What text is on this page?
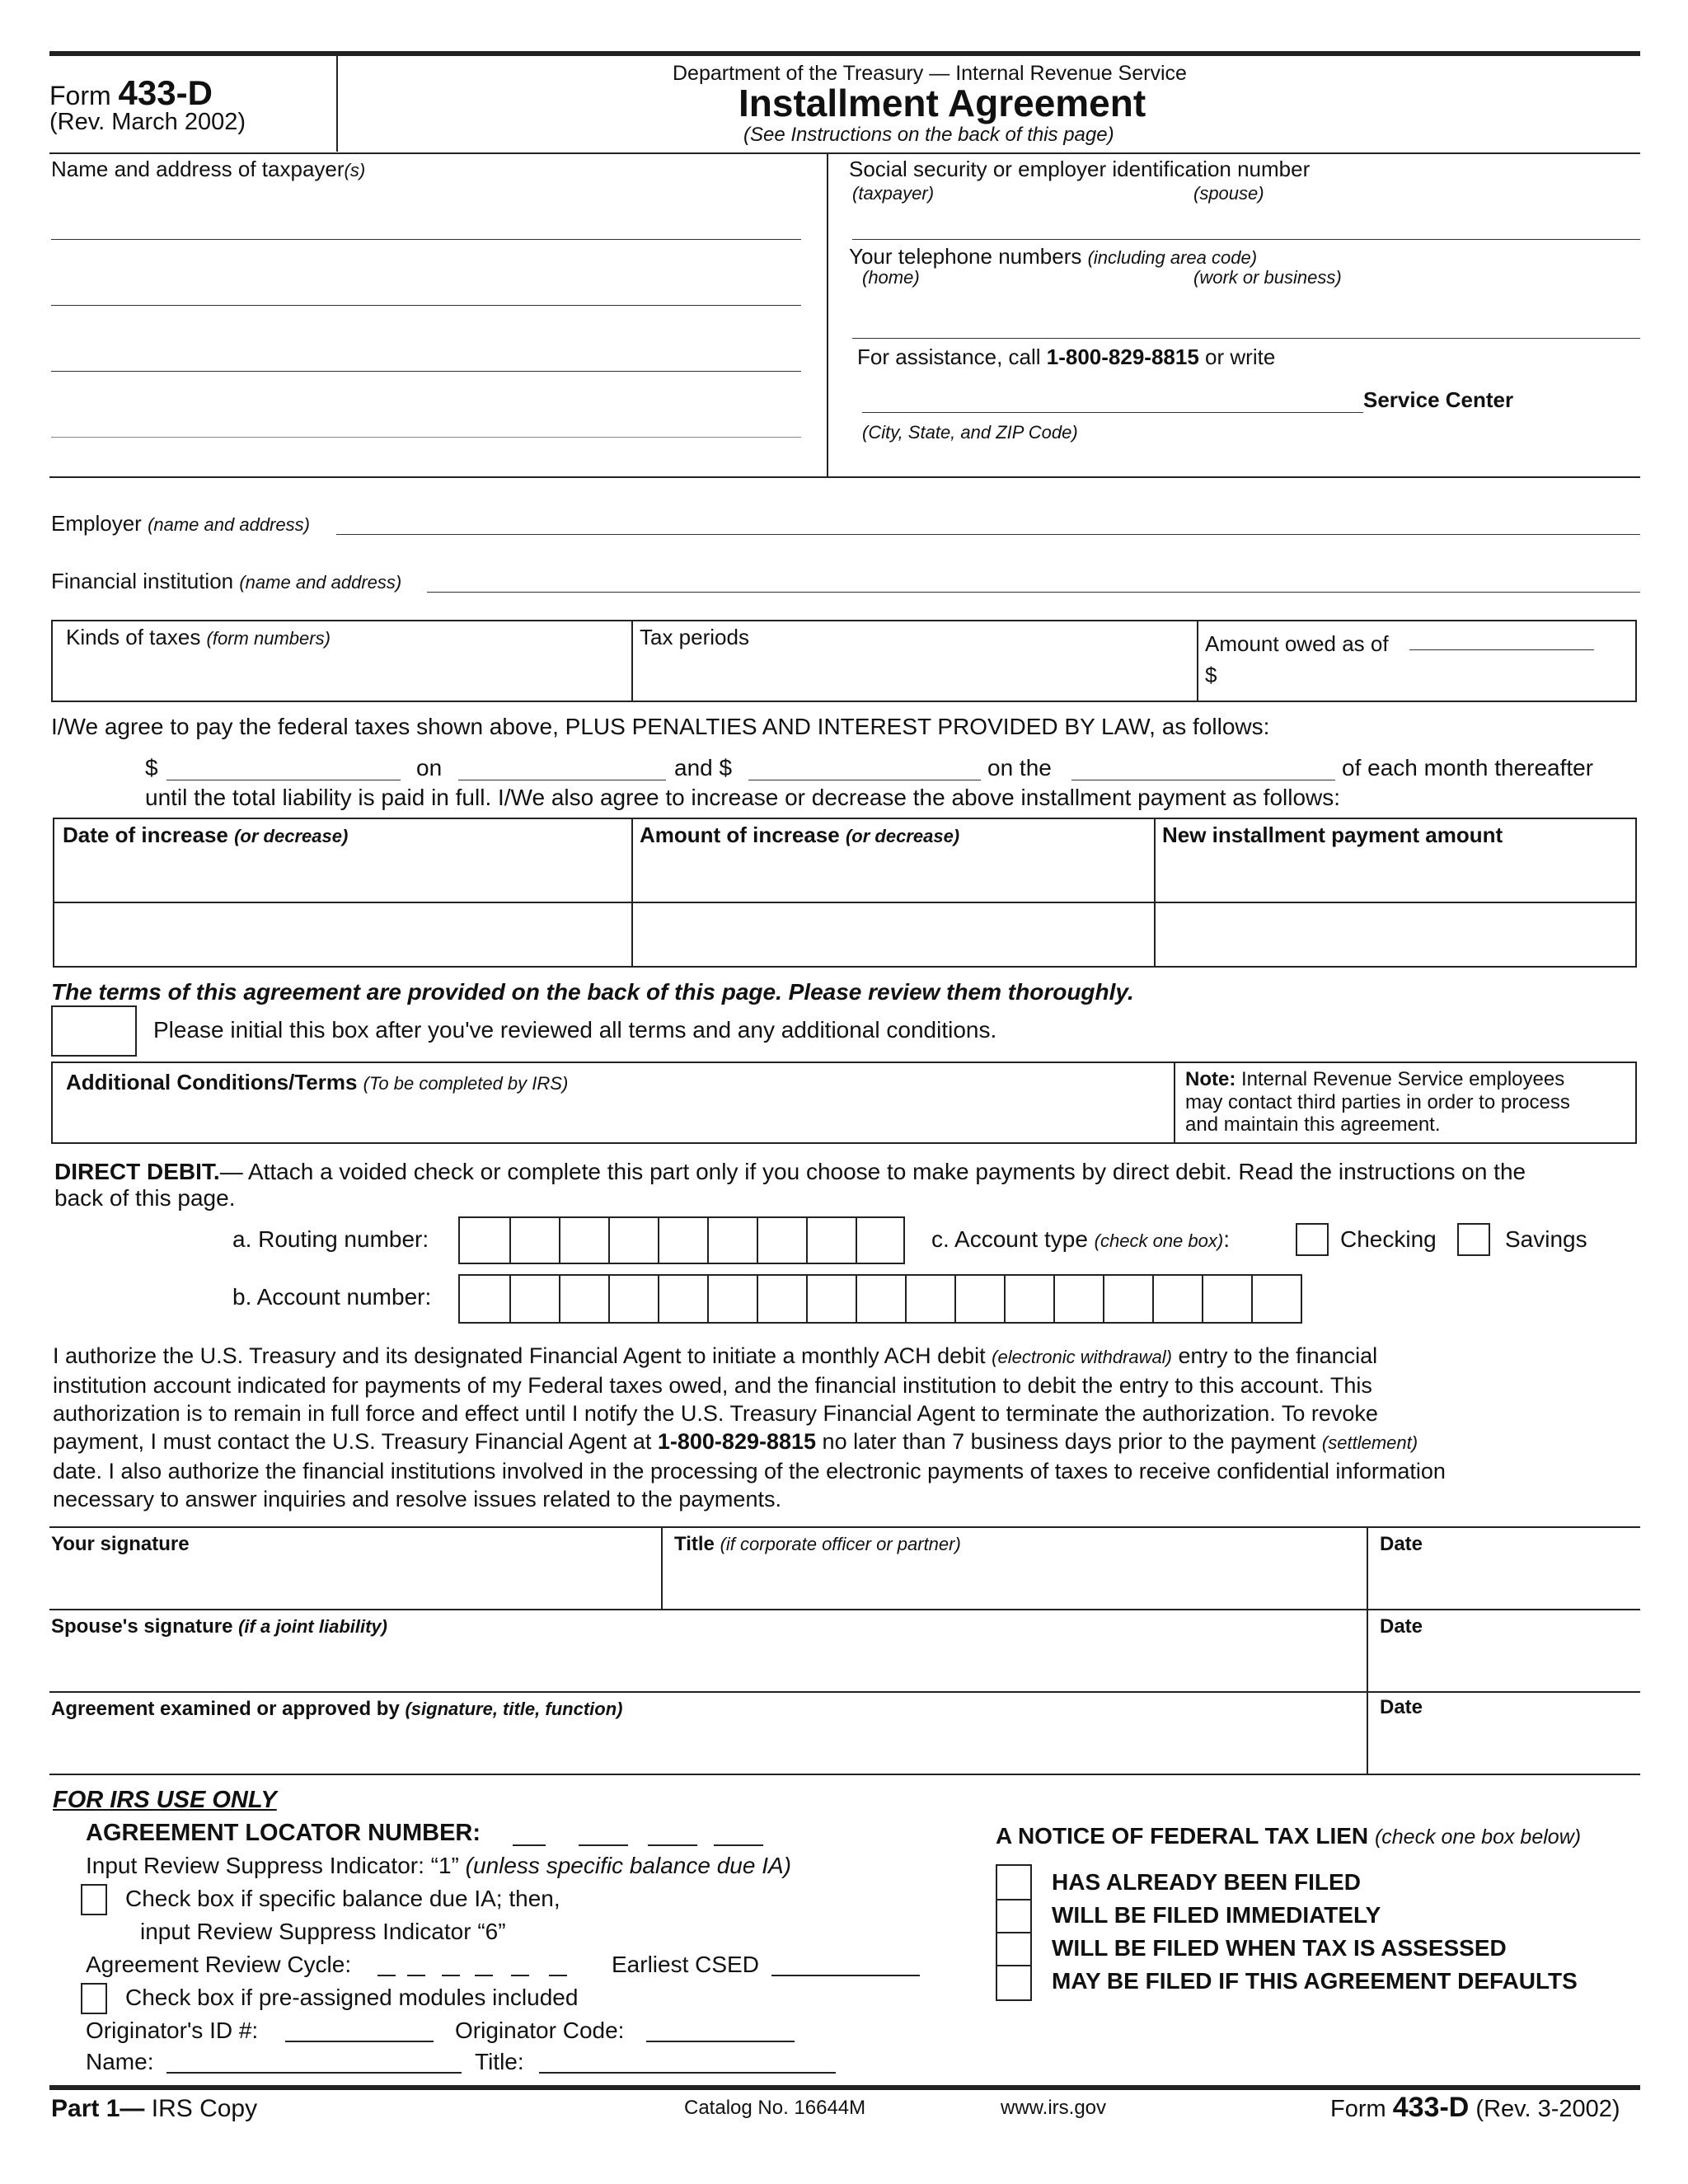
Form 433-D
(Rev. March 2002)
Department of the Treasury — Internal Revenue Service
Installment Agreement
(See Instructions on the back of this page)
Name and address of taxpayer(s)	Social security or employer identification number
(taxpayer)	(spouse)
Your telephone numbers (including area code)
(home)	(work or business)
For assistance, call 1-800-829-8815 or write
Service Center
(City, State, and ZIP Code)
Employer (name and address)
Financial institution (name and address)
Kinds of taxes (form numbers)	Tax periods	Amount owed as of
$
I/We agree to pay the federal taxes shown above, PLUS PENALTIES AND INTEREST PROVIDED BY LAW, as follows:
$	on	and $	on the	of each month thereafter
until the total liability is paid in full. I/We also agree to increase or decrease the above installment payment as follows:
Date of increase (or decrease)	Amount of increase (or decrease)	New installment payment amount
The terms of this agreement are provided on the back of this page. Please review them thoroughly.
Please initial this box after you've reviewed all terms and any additional conditions.
Additional Conditions/Terms (To be completed by IRS)	Note: Internal Revenue Service employees
may contact third parties in order to process
and maintain this agreement.
DIRECT DEBIT.— Attach a voided check or complete this part only if you choose to make payments by direct debit. Read the instructions on the
back of this page.
a. Routing number:	c. Account type (check one box):	Checking	Savings
b. Account number:
I authorize the U.S. Treasury and its designated Financial Agent to initiate a monthly ACH debit (electronic withdrawal) entry to the financial
institution account indicated for payments of my Federal taxes owed, and the financial institution to debit the entry to this account. This
authorization is to remain in full force and effect until I notify the U.S. Treasury Financial Agent to terminate the authorization. To revoke
payment, I must contact the U.S. Treasury Financial Agent at 1-800-829-8815 no later than 7 business days prior to the payment (settlement)
date. I also authorize the financial institutions involved in the processing of the electronic payments of taxes to receive confidential information
necessary to answer inquiries and resolve issues related to the payments.
Your signature	Title (if corporate officer or partner)	Date
Spouse's signature (if a joint liability)	Date
Agreement examined or approved by (signature, title, function)	Date
FOR IRS USE ONLY
AGREEMENT LOCATOR NUMBER:
Input Review Suppress Indicator: “1” (unless specific balance due IA)
Check box if specific balance due IA; then,
input Review Suppress Indicator “6”
Agreement Review Cycle:	Earliest CSED
Check box if pre-assigned modules included
Originator's ID #:	Originator Code:
Name:	Title:
A NOTICE OF FEDERAL TAX LIEN (check one box below)
HAS ALREADY BEEN FILED
WILL BE FILED IMMEDIATELY
WILL BE FILED WHEN TAX IS ASSESSED
MAY BE FILED IF THIS AGREEMENT DEFAULTS
Part 1— IRS Copy	Catalog No. 16644M	www.irs.gov	Form 433-D (Rev. 3-2002)
